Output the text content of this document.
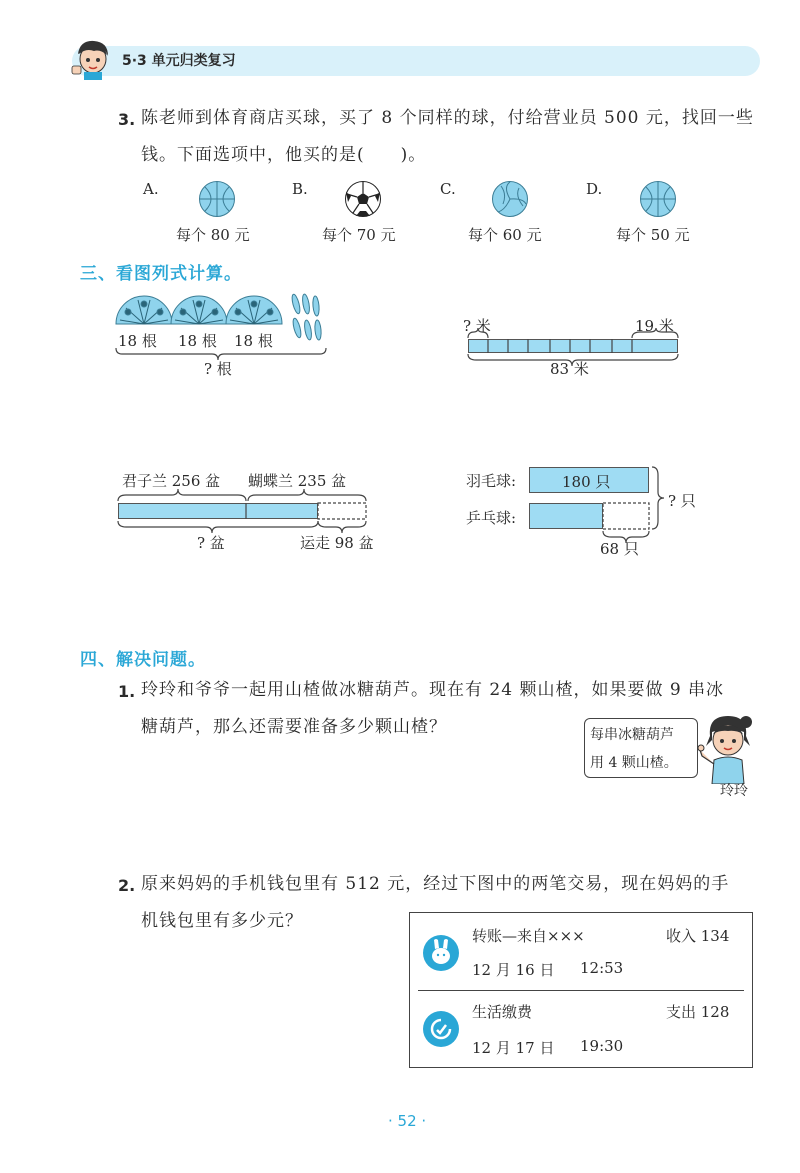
5·3 单元归类复习
3. 陈老师到体育商店买球，买了 8 个同样的球，付给营业员 500 元，找回一些
钱。下面选项中，他买的是(　　)。
A.
每个 80 元
B.
每个 70 元
C.
每个 60 元
D.
每个 50 元
三、看图列式计算。
18 根 18 根 18 根
? 根
? 米	19 米
83 米
君子兰 256 盆 蝴蝶兰 235 盆
? 盆	运走 98 盆
羽毛球:	180 只
乒乓球:
? 只
68 只
四、解决问题。
1. 玲玲和爷爷一起用山楂做冰糖葫芦。现在有 24 颗山楂，如果要做 9 串冰
糖葫芦，那么还需要准备多少颗山楂？	每串冰糖葫芦
用 4 颗山楂。
玲玲
2. 原来妈妈的手机钱包里有 512 元，经过下图中的两笔交易，现在妈妈的手
机钱包里有多少元？
转账—来自×××	收入 134
12 月 16 日 12:53
生活缴费	支出 128
12 月 17 日 19:30
· 52 ·
